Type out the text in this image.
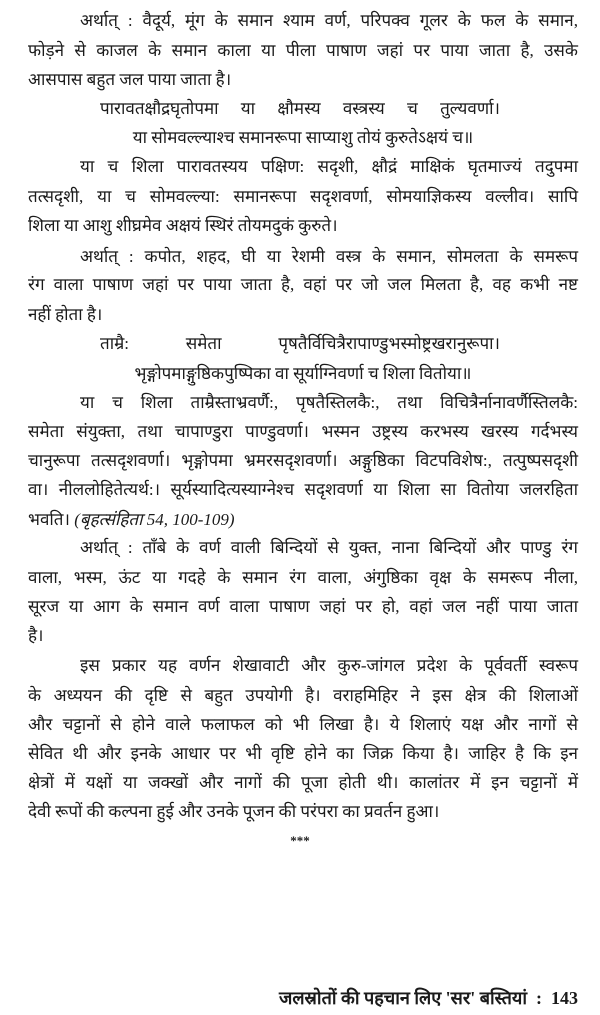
अर्थात् : वैदूर्य, मूंग के समान श्याम वर्ण, परिपक्व गूलर के फल के समान,
फोड़ने से काजल के समान काला या पीला पाषाण जहां पर पाया जाता है, उसके
आसपास बहुत जल पाया जाता है।
पारावतक्षौद्रघृतोपमा या क्षौमस्य वस्त्रस्य च तुल्यवर्णा।
या सोमवल्ल्याश्च समानरूपा साप्याशु तोयं कुरुतेऽक्षयं च॥
या च शिला पारावतस्यय पक्षिण: सदृशी, क्षौद्रं माक्षिकं घृतमाज्यं तदुपमा
तत्सदृशी, या च सोमवल्ल्या: समानरूपा सदृशवर्णा, सोमयाज्ञिकस्य वल्लीव। सापि
शिला या आशु शीघ्रमेव अक्षयं स्थिरं तोयमदुकं कुरुते।
अर्थात् : कपोत, शहद, घी या रेशमी वस्त्र के समान, सोमलता के समरूप
रंग वाला पाषाण जहां पर पाया जाता है, वहां पर जो जल मिलता है, वह कभी नष्ट
नहीं होता है।
ताम्रै: समेता पृषतैर्विचित्रैरापाण्डुभस्मोष्ट्रखरानुरूपा।
भृङ्गोपमाङ्गुष्ठिकपुष्पिका वा सूर्याग्निवर्णा च शिला वितोया॥
या च शिला ताम्रैस्ताभ्रवर्णै:, पृषतैस्तिलकै:, तथा विचित्रैर्नानावर्णैस्तिलकै:
समेता संयुक्ता, तथा चापाण्डुरा पाण्डुवर्णा। भस्मन उष्ट्रस्य करभस्य खरस्य गर्दभस्य
चानुरूपा तत्सदृशवर्णा। भृङ्गोपमा भ्रमरसदृशवर्णा। अङ्गुष्ठिका विटपविशेष:, तत्पुष्पसदृशी
वा। नीललोहितेत्यर्थ:। सूर्यस्यादित्यस्याग्नेश्च सदृशवर्णा या शिला सा वितोया जलरहिता
भवति। (बृहत्संहिता 54, 100-109)
अर्थात् : ताँबे के वर्ण वाली बिन्दियों से युक्त, नाना बिन्दियों और पाण्डु रंग
वाला, भस्म, ऊंट या गदहे के समान रंग वाला, अंगुष्ठिका वृक्ष के समरूप नीला,
सूरज या आग के समान वर्ण वाला पाषाण जहां पर हो, वहां जल नहीं पाया जाता
है।
इस प्रकार यह वर्णन शेखावाटी और कुरु-जांगल प्रदेश के पूर्ववर्ती स्वरूप
के अध्ययन की दृष्टि से बहुत उपयोगी है। वराहमिहिर ने इस क्षेत्र की शिलाओं
और चट्टानों से होने वाले फलाफल को भी लिखा है। ये शिलाएं यक्ष और नागों से
सेवित थी और इनके आधार पर भी वृष्टि होने का जिक्र किया है। जाहिर है कि इन
क्षेत्रों में यक्षों या जक्खों और नागों की पूजा होती थी। कालांतर में इन चट्टानों में
देवी रूपों की कल्पना हुई और उनके पूजन की परंपरा का प्रवर्तन हुआ।
***
जलस्रोतों की पहचान लिए 'सर' बस्तियां : 143
